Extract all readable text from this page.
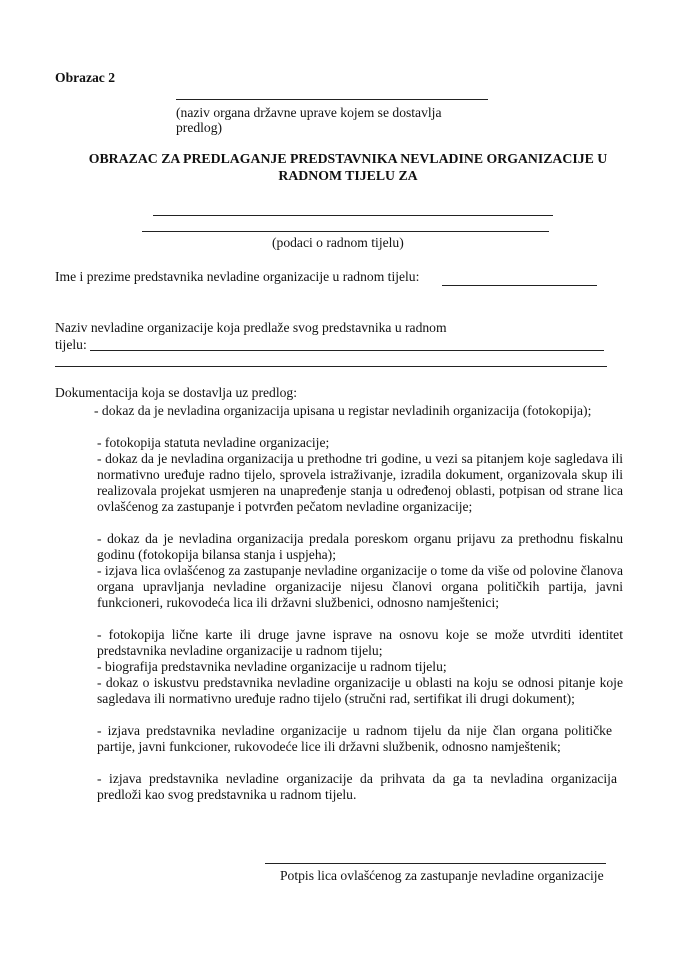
Obrazac 2
(naziv organa državne uprave kojem se dostavlja predlog)
OBRAZAC ZA PREDLAGANJE PREDSTAVNIKA NEVLADINE ORGANIZACIJE U RADNOM TIJELU ZA
(podaci o radnom tijelu)
Ime i prezime predstavnika nevladine organizacije u radnom tijelu:
Naziv nevladine organizacije koja predlaže svog predstavnika u radnom tijelu:
Dokumentacija koja se dostavlja uz predlog:
- dokaz da je nevladina organizacija upisana u registar nevladinih organizacija (fotokopija);
- fotokopija statuta nevladine organizacije;
- dokaz da je nevladina organizacija u prethodne tri godine, u vezi sa pitanjem koje sagledava ili normativno uređuje radno tijelo, sprovela istraživanje, izradila dokument, organizovala skup ili realizovala projekat usmjeren na unapređenje stanja u određenoj oblasti, potpisan od strane lica ovlašćenog za zastupanje i potvrđen pečatom nevladine organizacije;
- dokaz da je nevladina organizacija predala poreskom organu prijavu za prethodnu fiskalnu godinu (fotokopija bilansa stanja i uspjeha);
- izjava lica ovlašćenog za zastupanje nevladine organizacije o tome da više od polovine članova organa upravljanja nevladine organizacije nijesu članovi organa političkih partija, javni funkcioneri, rukovodeća lica ili državni službenici, odnosno namještenici;
- fotokopija lične karte ili druge javne isprave na osnovu koje se može utvrditi identitet predstavnika nevladine organizacije u radnom tijelu;
- biografija predstavnika nevladine organizacije u radnom tijelu;
- dokaz o iskustvu predstavnika nevladine organizacije u oblasti na koju se odnosi pitanje koje sagledava ili normativno uređuje radno tijelo (stručni rad, sertifikat ili drugi dokument);
- izjava predstavnika nevladine organizacije u radnom tijelu da nije član organa političke partije, javni funkcioner, rukovodeće lice ili državni službenik, odnosno namještenik;
- izjava predstavnika nevladine organizacije da prihvata da ga ta nevladina organizacija predloži kao svog predstavnika u radnom tijelu.
Potpis lica ovlašćenog za zastupanje nevladine organizacije
